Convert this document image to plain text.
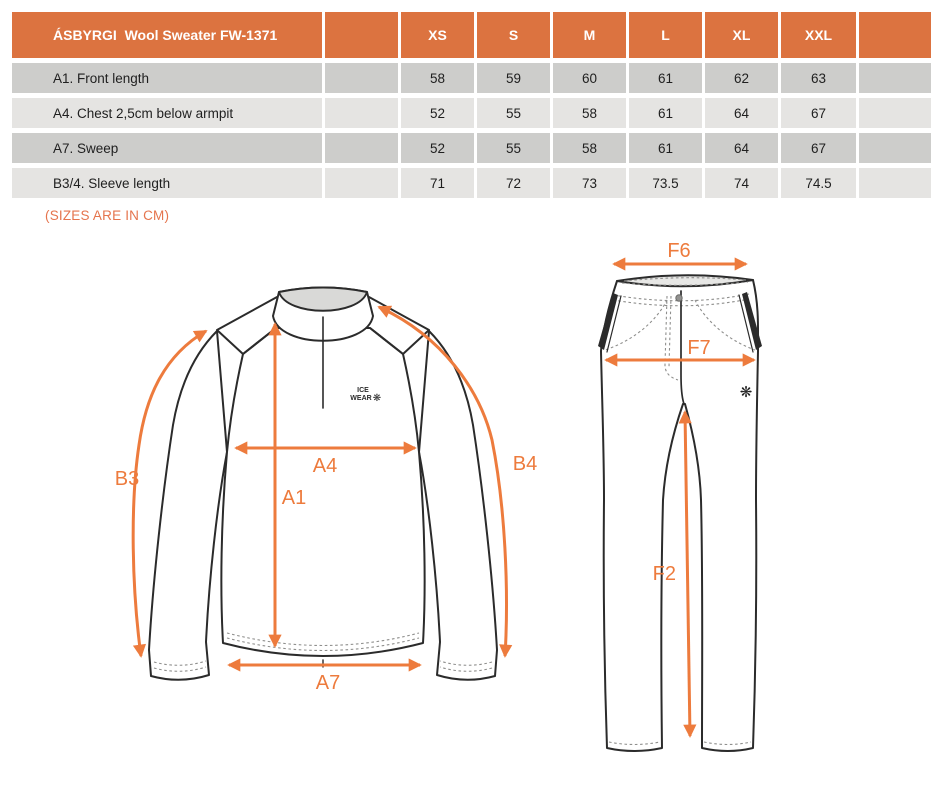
ÁSBYRGI  Wool Sweater FW-1371	XS	S	M	L	XL	XXL
A1. Front length	58	59	60	61	62	63
A4. Chest 2,5cm below armpit	52	55	58	61	64	67
A7. Sweep	52	55	58	61	64	67
B3/4. Sleeve length	71	72	73	73.5	74	74.5
(SIZES ARE IN CM)
ICE
WEAR ❋
A1
A4
A7
B3
B4
❋
F6
F7
F2
